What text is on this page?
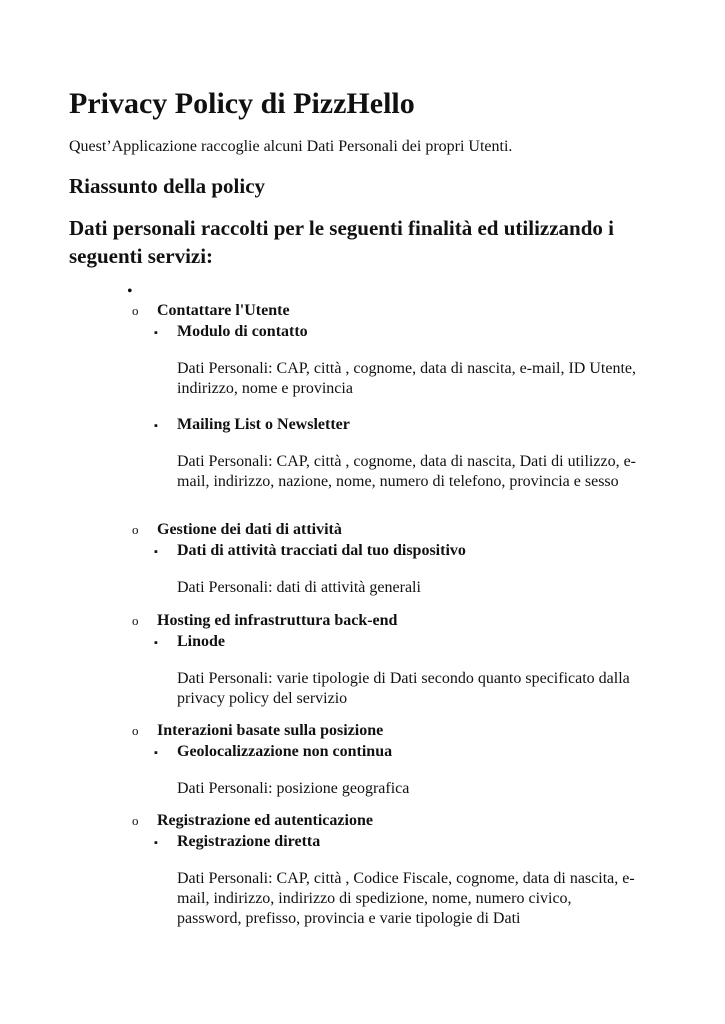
Privacy Policy di PizzHello

Quest’Applicazione raccoglie alcuni Dati Personali dei propri Utenti.

Riassunto della policy
Dati personali raccolti per le seguenti finalità ed utilizzando i seguenti servizi:
•
o	Contattare l'Utente
▪	Modulo di contatto

Dati Personali: CAP, città , cognome, data di nascita, e-mail, ID Utente, indirizzo, nome e provincia

▪	Mailing List o Newsletter

Dati Personali: CAP, città , cognome, data di nascita, Dati di utilizzo, e-mail, indirizzo, nazione, nome, numero di telefono, provincia e sesso

o	Gestione dei dati di attività
▪	Dati di attività tracciati dal tuo dispositivo

Dati Personali: dati di attività generali

o	Hosting ed infrastruttura back-end
▪	Linode

Dati Personali: varie tipologie di Dati secondo quanto specificato dalla privacy policy del servizio

o	Interazioni basate sulla posizione
▪	Geolocalizzazione non continua

Dati Personali: posizione geografica

o	Registrazione ed autenticazione
▪	Registrazione diretta

Dati Personali: CAP, città , Codice Fiscale, cognome, data di nascita, e-mail, indirizzo, indirizzo di spedizione, nome, numero civico, password, prefisso, provincia e varie tipologie di Dati
